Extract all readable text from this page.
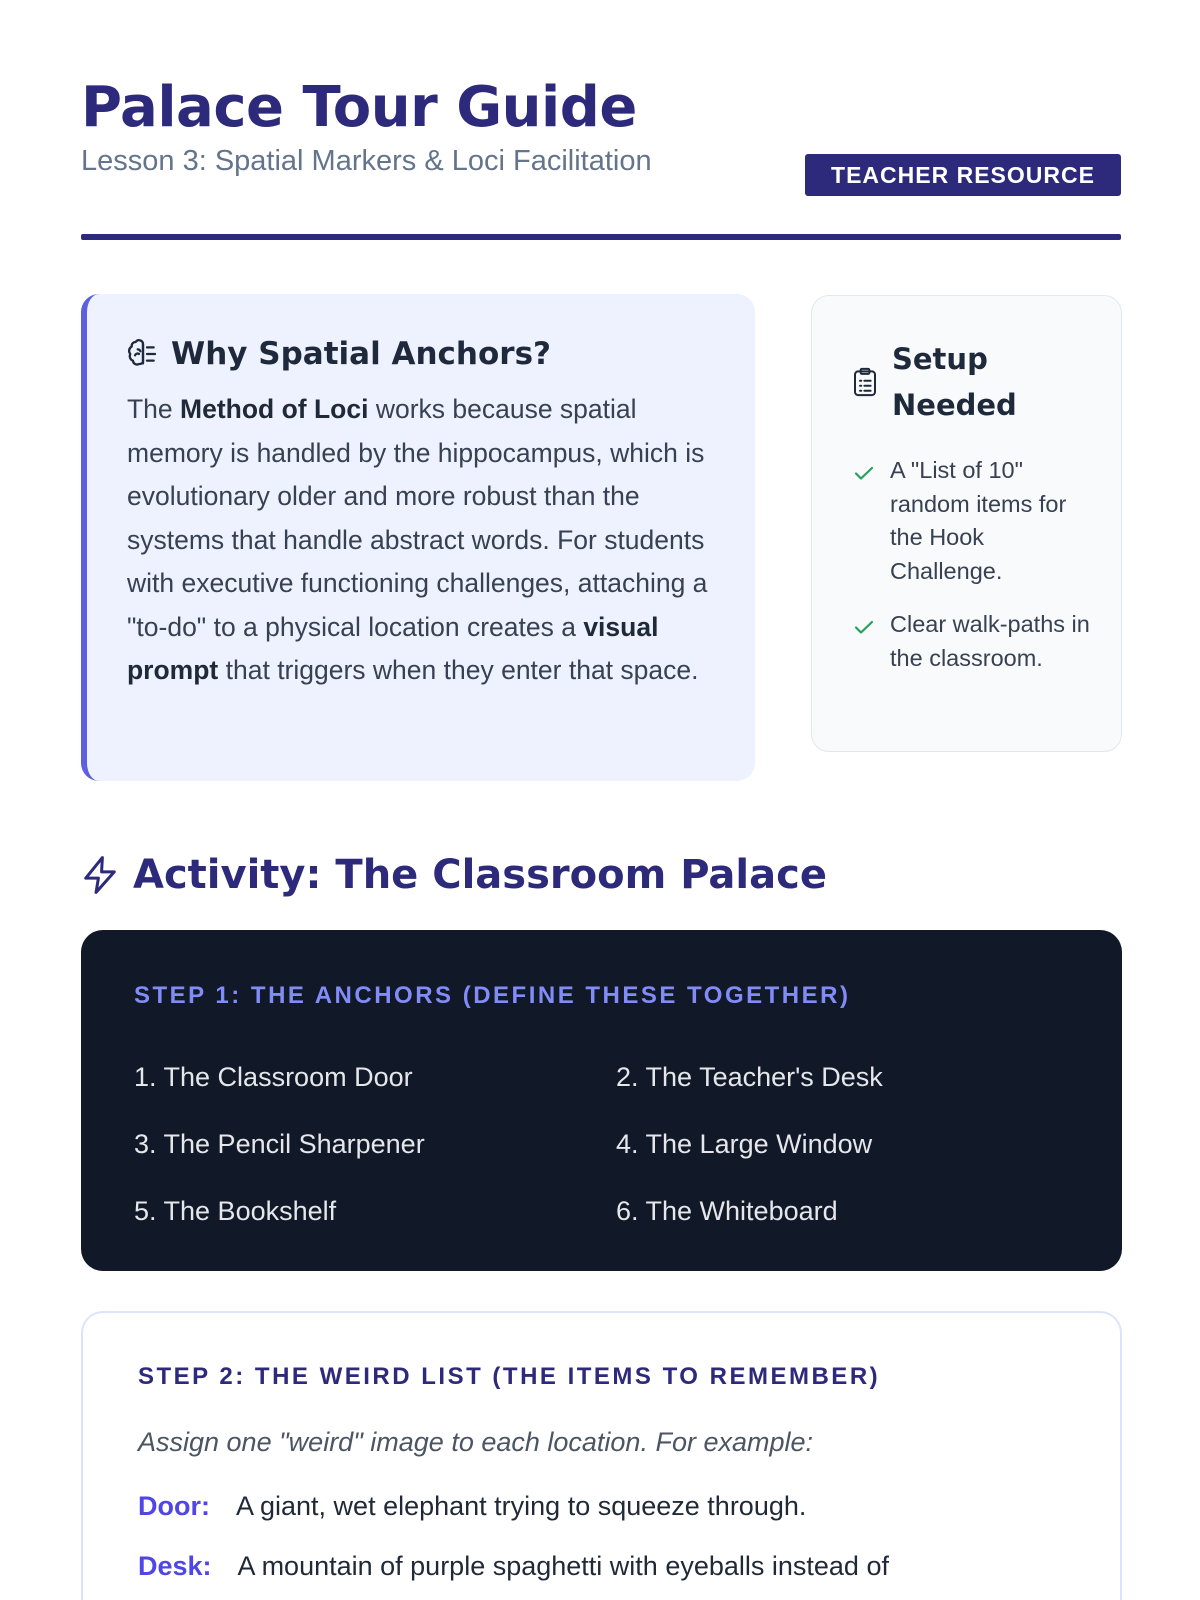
Palace Tour Guide
Lesson 3: Spatial Markers & Loci Facilitation	TEACHER RESOURCE
Why Spatial Anchors?

The Method of Loci works because spatial memory is handled by the hippocampus, which is evolutionary older and more robust than the systems that handle abstract words. For students with executive functioning challenges, attaching a "to-do" to a physical location creates a visual prompt that triggers when they enter that space.

Setup Needed
A "List of 10" random items for the Hook Challenge.
Clear walk-paths in the classroom.
Activity: The Classroom Palace
STEP 1: THE ANCHORS (DEFINE THESE TOGETHER)
1. The Classroom Door	2. The Teacher's Desk
3. The Pencil Sharpener	4. The Large Window
5. The Bookshelf	6. The Whiteboard
STEP 2: THE WEIRD LIST (THE ITEMS TO REMEMBER)

Assign one "weird" image to each location. For example:

Door: A giant, wet elephant trying to squeeze through.
Desk: A mountain of purple spaghetti with eyeballs instead of
